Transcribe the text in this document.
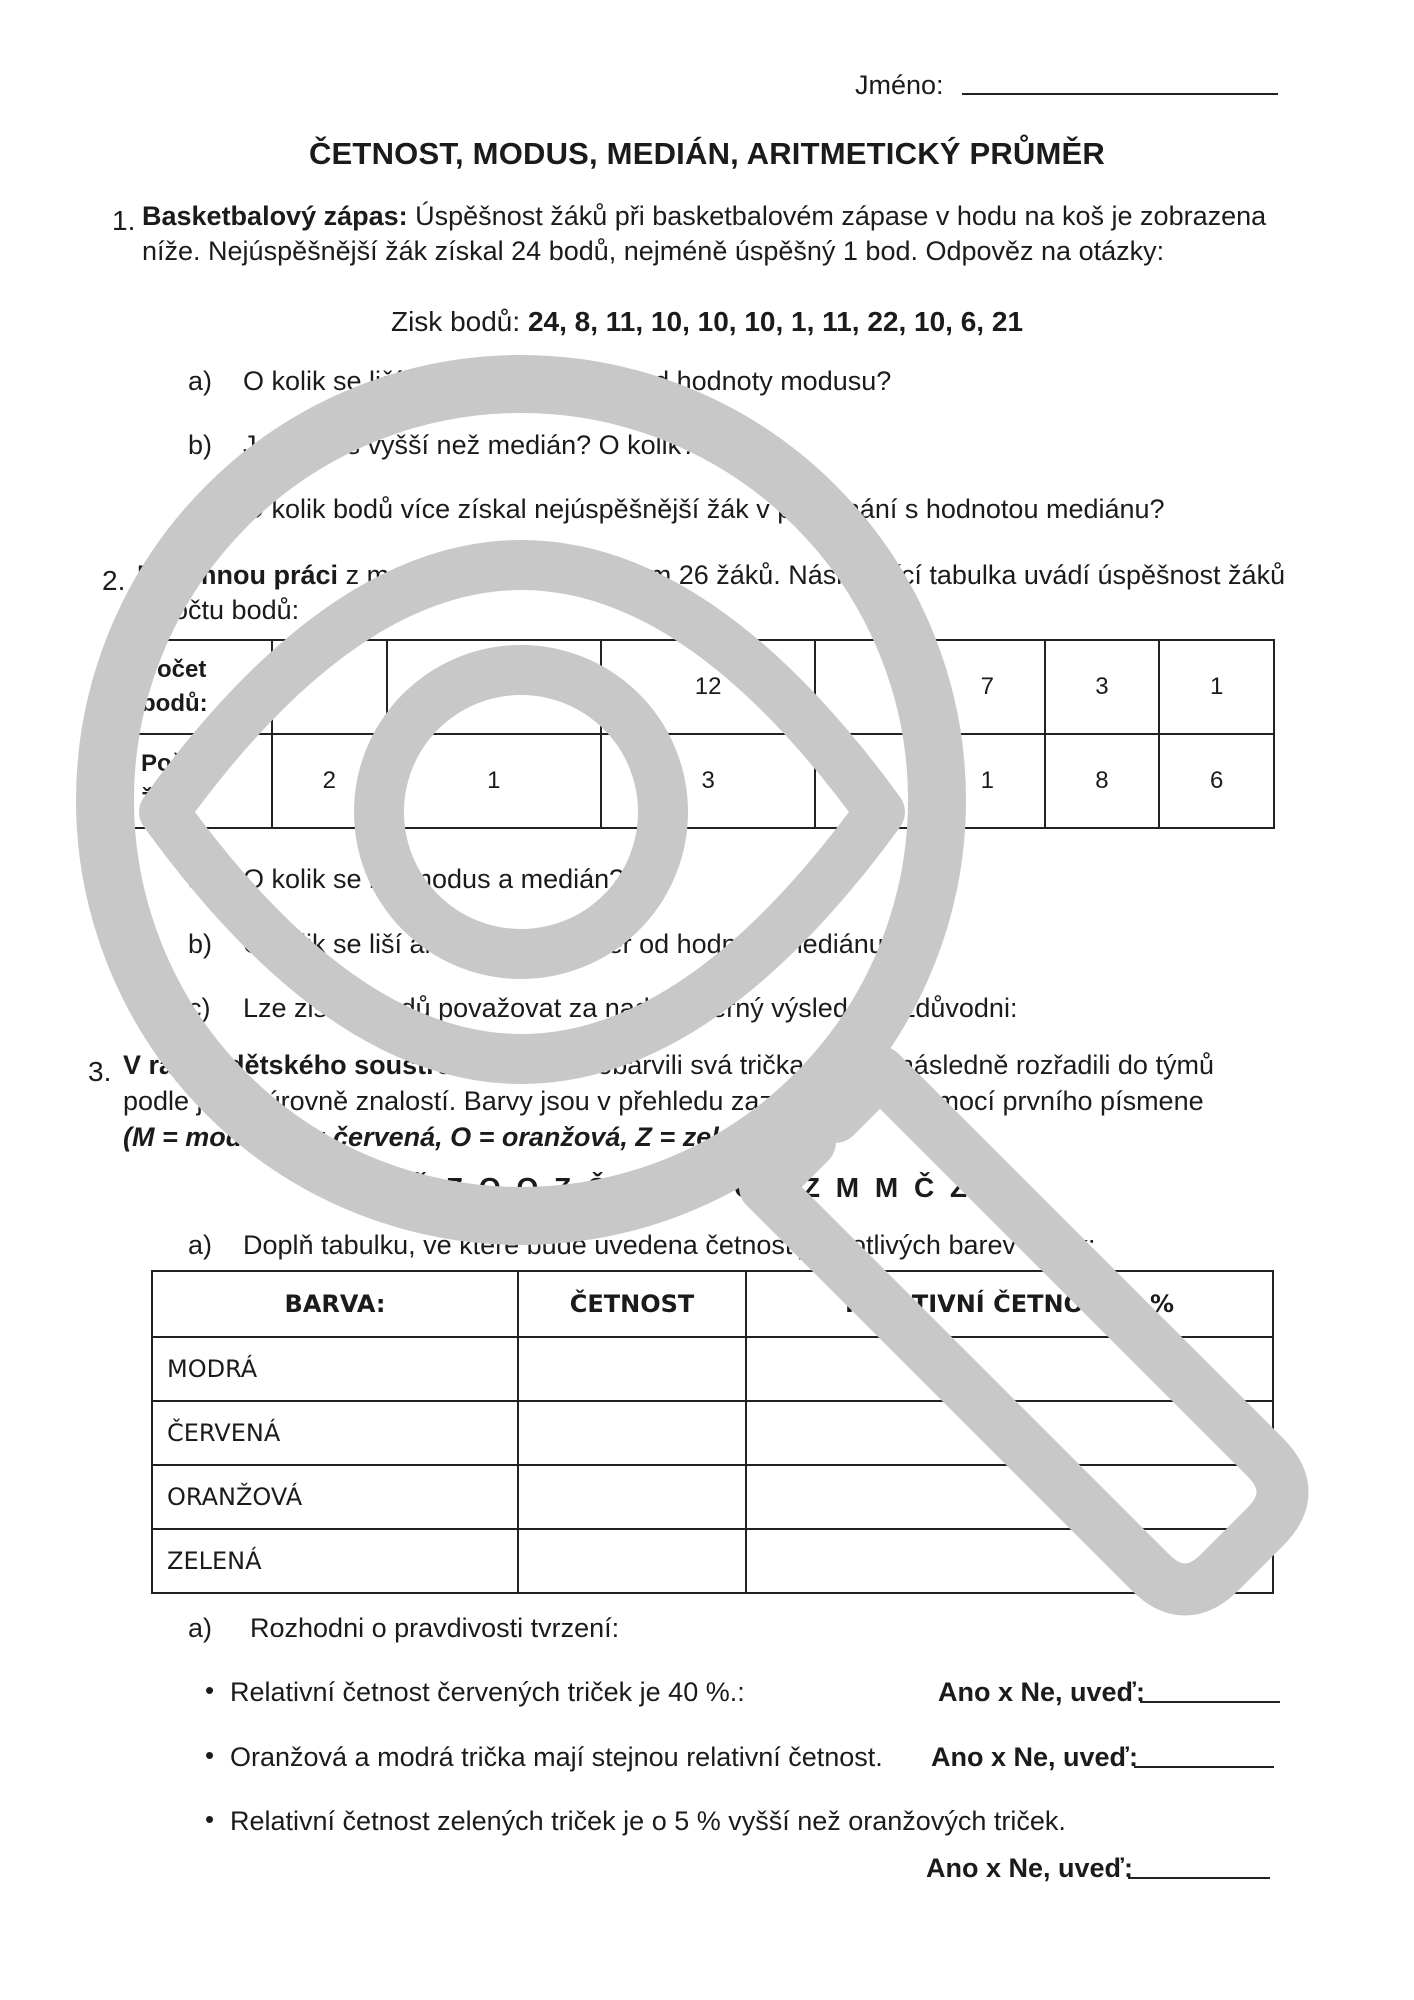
Jméno:
ČETNOST, MODUS, MEDIÁN, ARITMETICKÝ PRŮMĚR
1. Basketbalový zápas: Úspěšnost žáků při basketbalovém zápase v hodu na koš je zobrazena
níže. Nejúspěšnější žák získal 24 bodů, nejméně úspěšný 1 bod. Odpověz na otázky:
Zisk bodů: 24, 8, 11, 10, 10, 10, 1, 11, 22, 10, 6, 21
a) O kolik se liší aritmetický průměr od hodnoty modusu?
b) Je modus vyšší než medián? O kolik?
c) O kolik bodů více získal nejúspěšnější žák v porovnání s hodnotou mediánu?
2. Písemnou práci z matematiku psalo celkem 26 žáků. Následující tabulka uvádí úspěšnost žáků
v počtu bodů:
Počet
bodů:		14	12		7	3	1
Počet
žáků:	2	1	3	5	1	8	6
a) O kolik se liší modus a medián?
b) O kolik se liší aritmetický průměr od hodnoty mediánu?
c) Lze zisk 7 bodů považovat za nadprůměrný výsledek? Zdůvodni:
3. V rámci dětského soustředění si žáci obarvili svá trička, aby je následně rozřadili do týmů
podle jejich úrovně znalostí. Barvy jsou v přehledu zaznamenány pomocí prvního písmene
(M = modrá, Č = červená, O = oranžová, Z = zelená).
Č Z O O Z Č Č Č M Č Z Z M M Č Z Z
a) Doplň tabulku, ve které bude uvedena četnost jednotlivých barev triček:
BARVA:	ČETNOST	RELATIVNÍ ČETNOST v %
MODRÁ		
ČERVENÁ		
ORANŽOVÁ		
ZELENÁ		
a) Rozhodni o pravdivosti tvrzení:
• Relativní četnost červených triček je 40 %.:	Ano x Ne, uveď:
• Oranžová a modrá trička mají stejnou relativní četnost. Ano x Ne, uveď:
• Relativní četnost zelených triček je o 5 % vyšší než oranžových triček.
Ano x Ne, uveď:
